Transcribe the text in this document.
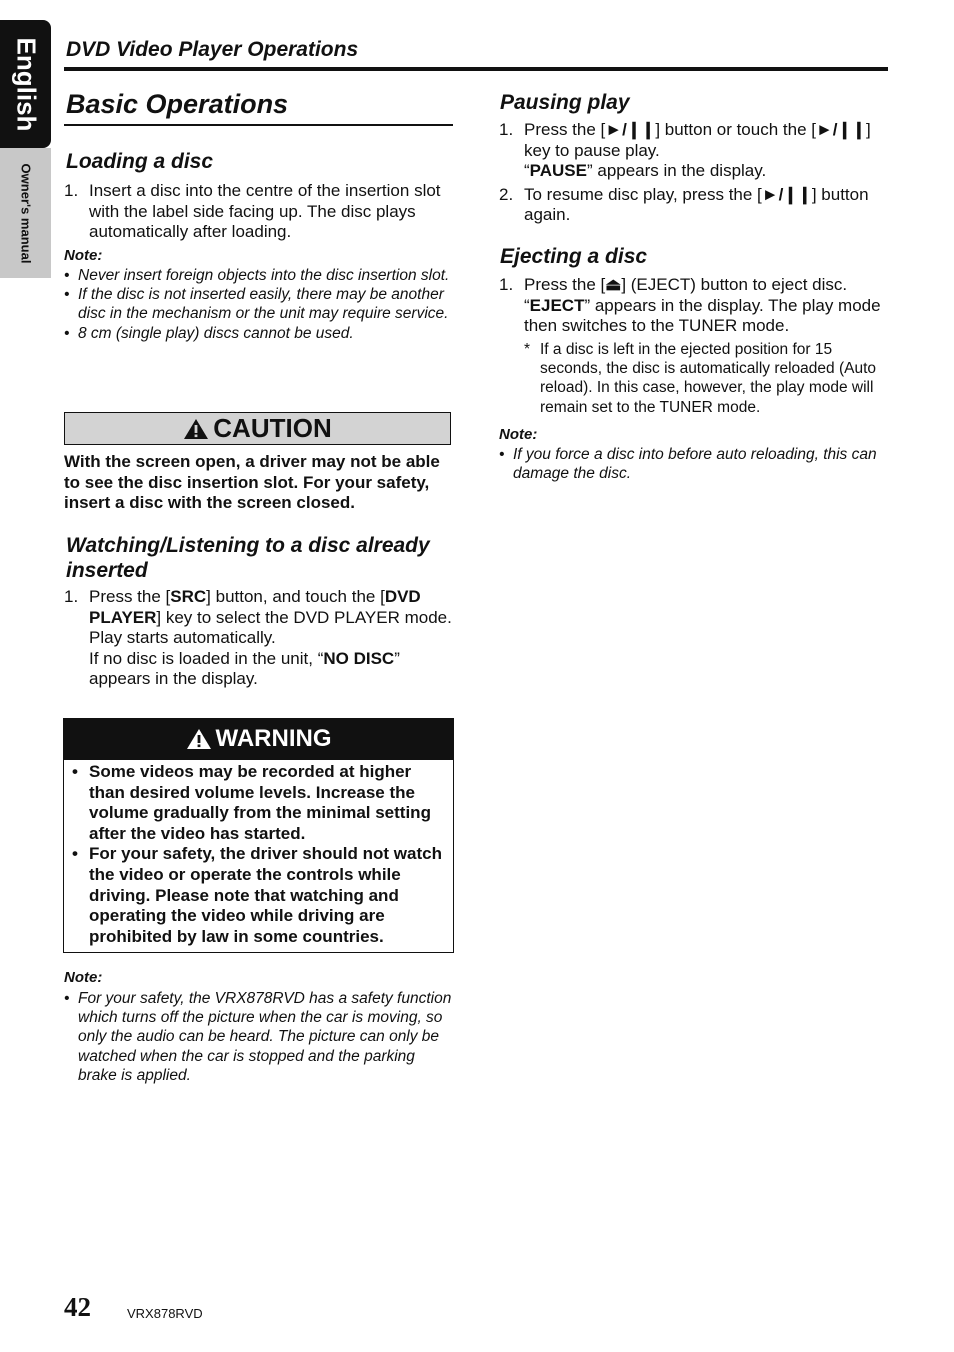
English
Owner's manual
DVD Video Player Operations
Basic Operations
Loading a disc
1. Insert a disc into the centre of the insertion slot with the label side facing up. The disc plays automatically after loading.
Note:
• Never insert foreign objects into the disc insertion slot.
• If the disc is not inserted easily, there may be another disc in the mechanism or the unit may require service.
• 8 cm (single play) discs cannot be used.
CAUTION
With the screen open, a driver may not be able to see the disc insertion slot. For your safety, insert a disc with the screen closed.
Watching/Listening to a disc already inserted
1. Press the [SRC] button, and touch the [DVD PLAYER] key to select the DVD PLAYER mode.
Play starts automatically.
If no disc is loaded in the unit, “NO DISC” appears in the display.
WARNING
• Some videos may be recorded at higher than desired volume levels. Increase the volume gradually from the minimal setting after the video has started.
• For your safety, the driver should not watch the video or operate the controls while driving. Please note that watching and operating the video while driving are prohibited by law in some countries.
Note:
• For your safety, the VRX878RVD has a safety function which turns off the picture when the car is moving, so only the audio can be heard. The picture can only be watched when the car is stopped and the parking brake is applied.
Pausing play
1. Press the [►/❙❙] button or touch the [►/❙❙] key to pause play.
“PAUSE” appears in the display.
2. To resume disc play, press the [►/❙❙] button again.
Ejecting a disc
1. Press the [⏏] (EJECT) button to eject disc.
“EJECT” appears in the display. The play mode then switches to the TUNER mode.
* If a disc is left in the ejected position for 15 seconds, the disc is automatically reloaded (Auto reload). In this case, however, the play mode will remain set to the TUNER mode.
Note:
• If you force a disc into before auto reloading, this can damage the disc.
42	VRX878RVD
